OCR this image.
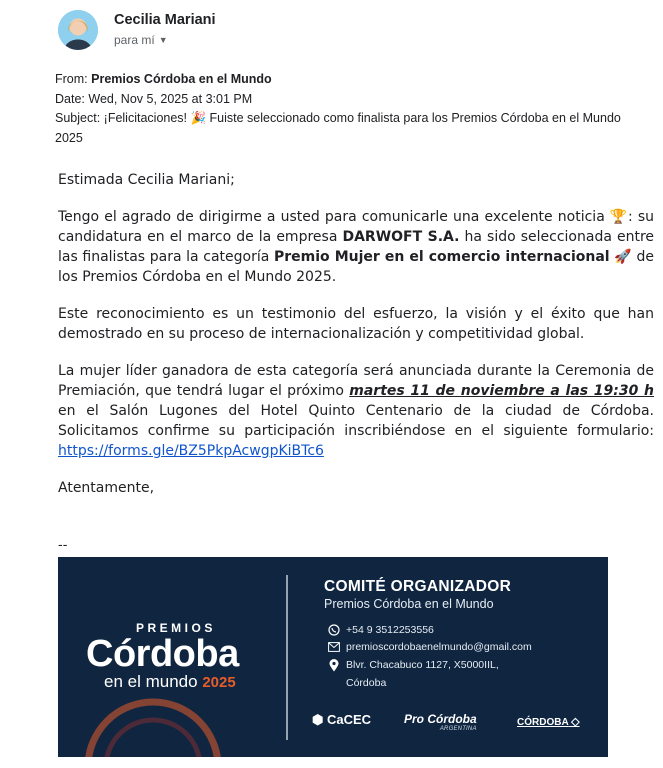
Cecilia Mariani
para mí ▼
From: Premios Córdoba en el Mundo
Date: Wed, Nov 5, 2025 at 3:01 PM
Subject: ¡Felicitaciones! 🎉 Fuiste seleccionado como finalista para los Premios Córdoba en el Mundo
2025

Estimada Cecilia Mariani;

Tengo el agrado de dirigirme a usted para comunicarle una excelente noticia 🏆: su candidatura en el marco de la empresa DARWOFT S.A. ha sido seleccionada entre las finalistas para la categoría Premio Mujer en el comercio internacional 🚀 de los Premios Córdoba en el Mundo 2025.

Este reconocimiento es un testimonio del esfuerzo, la visión y el éxito que han demostrado en su proceso de internacionalización y competitividad global.

La mujer líder ganadora de esta categoría será anunciada durante la Ceremonia de Premiación, que tendrá lugar el próximo martes 11 de noviembre a las 19:30 h en el Salón Lugones del Hotel Quinto Centenario de la ciudad de Córdoba. Solicitamos confirme su participación inscribiéndose en el siguiente formulario: https://forms.gle/BZ5PkpAcwgpKiBTc6

Atentamente,

--
PREMIOS
Córdoba
en el mundo 2025
COMITÉ ORGANIZADOR
Premios Córdoba en el Mundo
+54 9 3512253556
premioscordobaenelmundo@gmail.com
Blvr. Chacabuco 1127, X5000IIL,
Córdoba
⬢ CaCEC	Pro Córdoba
ARGENTINA
CÓRDOBA ◇
